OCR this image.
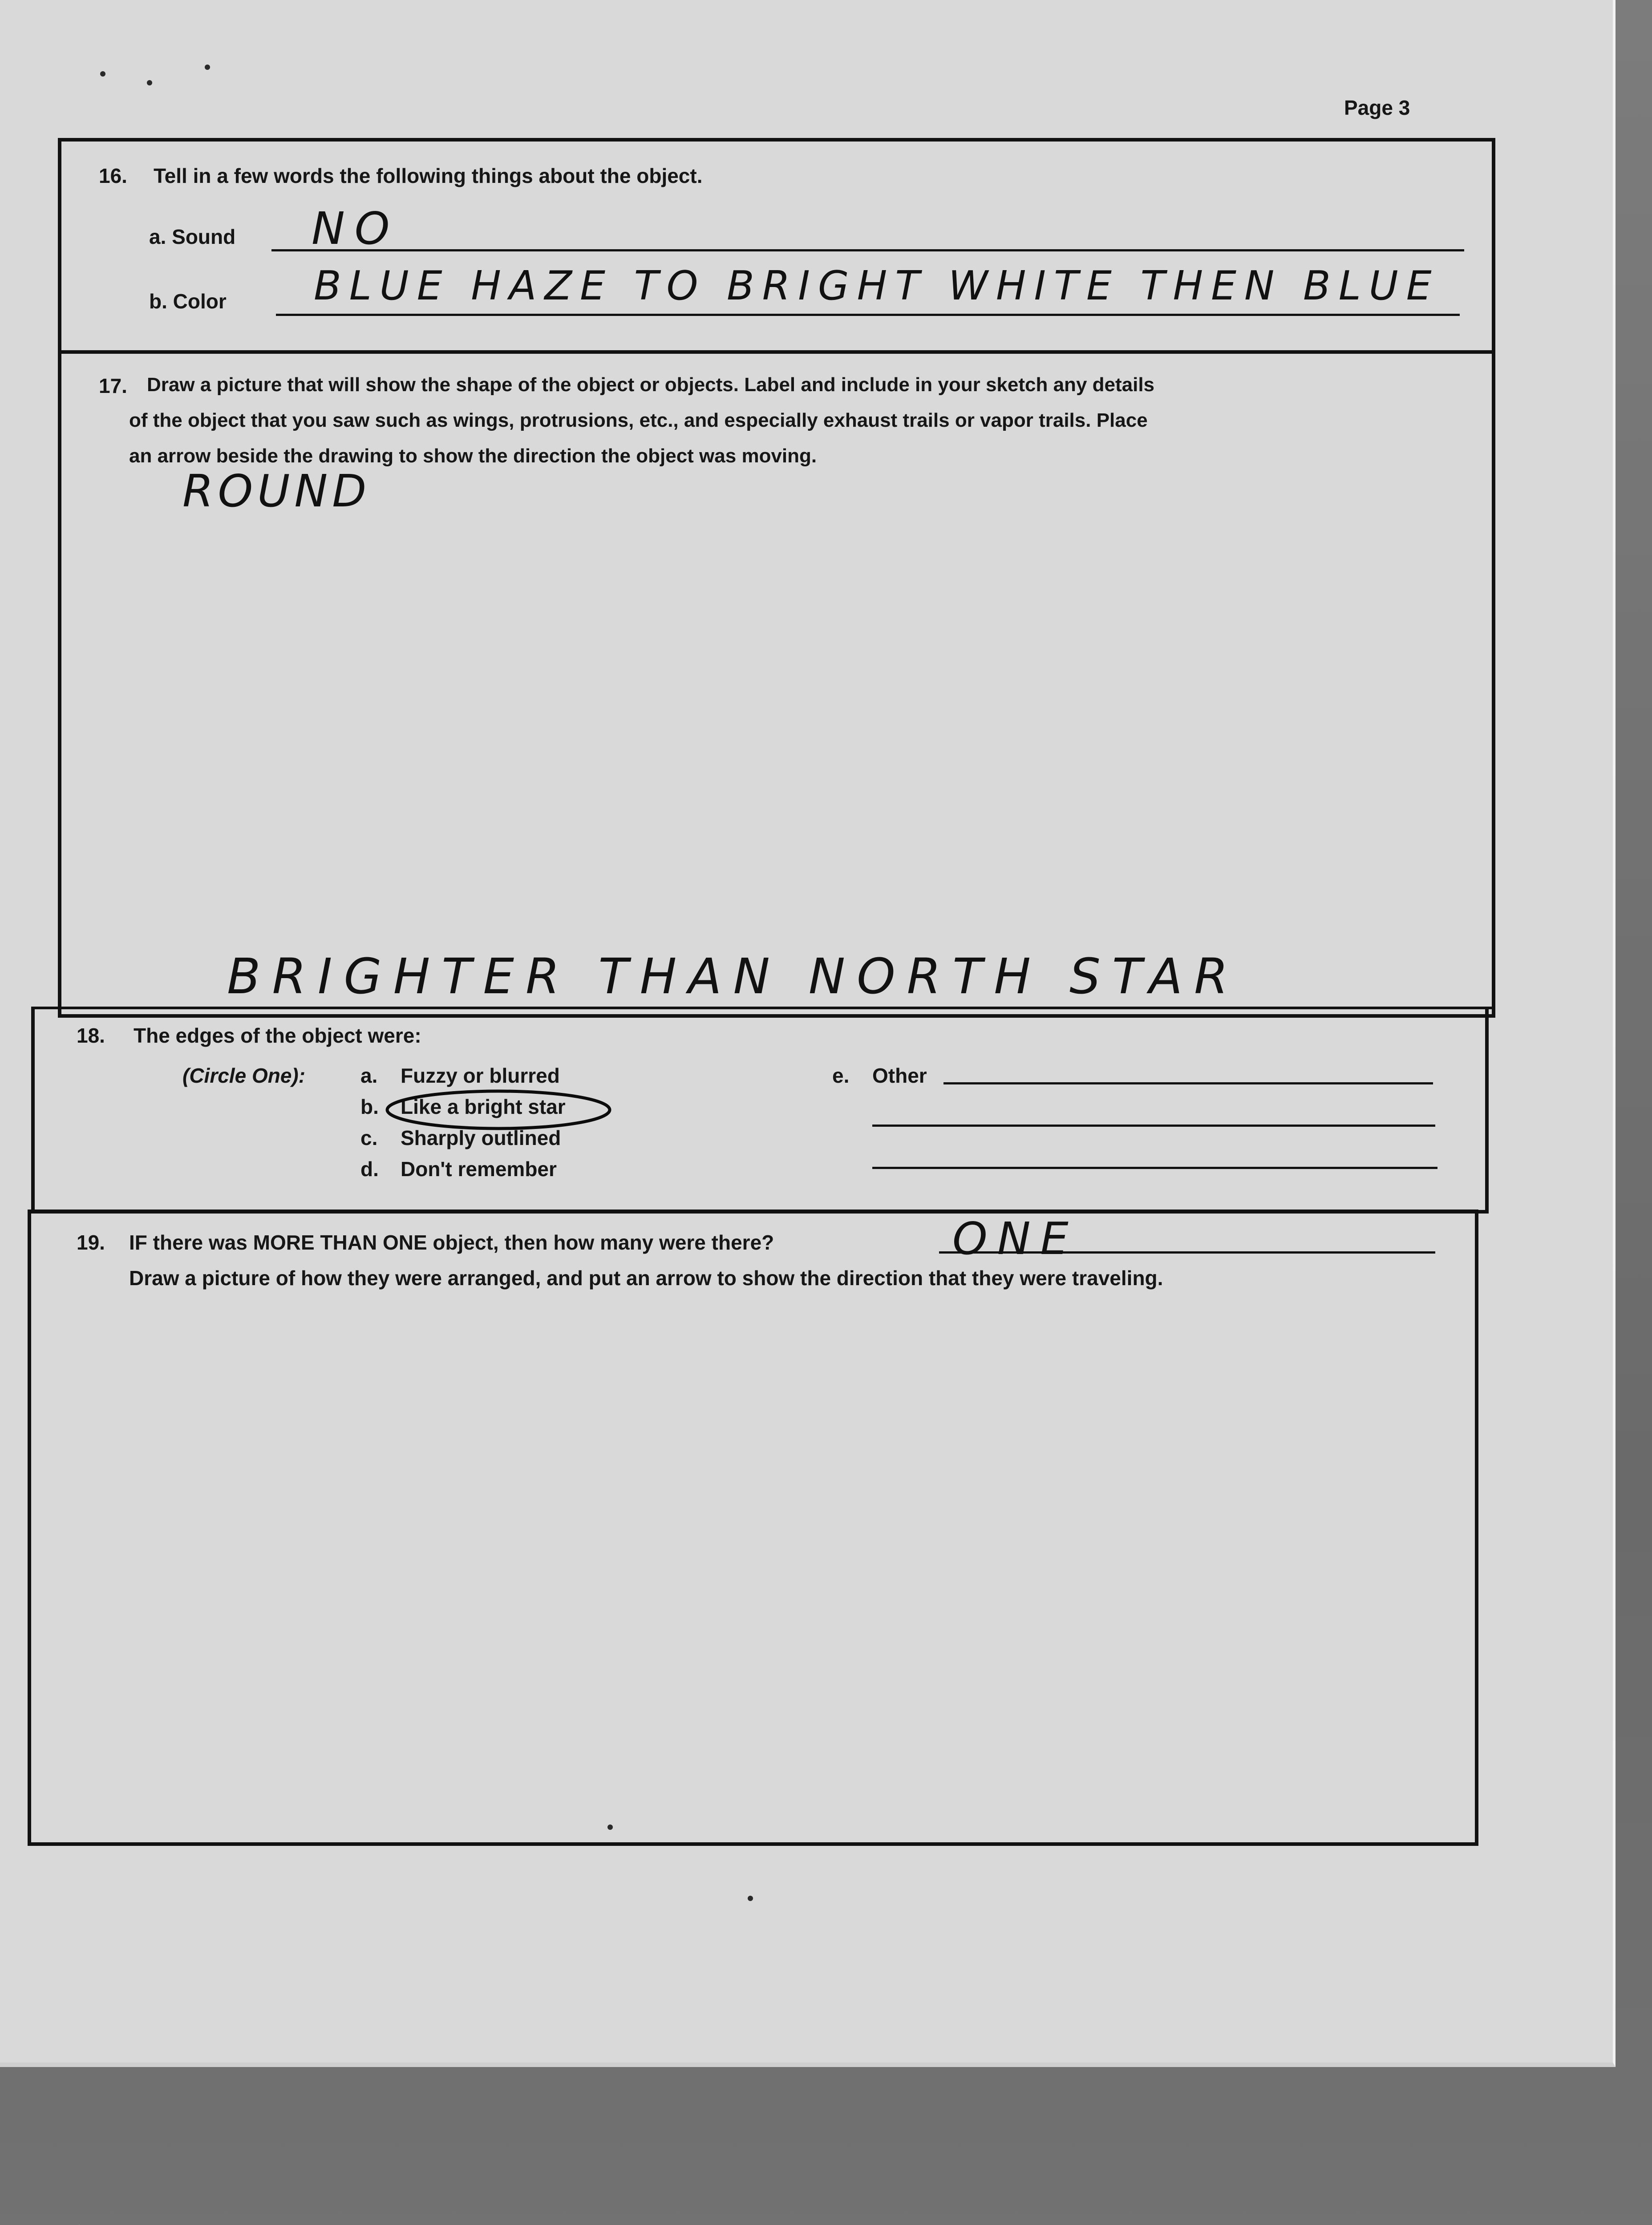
Page 3
16. Tell in a few words the following things about the object.
a. Sound NO
b. Color BLUE HAZE TO BRIGHT WHITE THEN BLUE
17. Draw a picture that will show the shape of the object or objects. Label and include in your sketch any details
of the object that you saw such as wings, protrusions, etc., and especially exhaust trails or vapor trails. Place
an arrow beside the drawing to show the direction the object was moving.
ROUND
BRIGHTER THAN NORTH STAR
18. The edges of the object were:
(Circle One):	a. Fuzzy or blurred
b. Like a bright star
c. Sharply outlined
d. Don't remember
e. Other
19. IF there was MORE THAN ONE object, then how many were there?	ONE
Draw a picture of how they were arranged, and put an arrow to show the direction that they were traveling.
